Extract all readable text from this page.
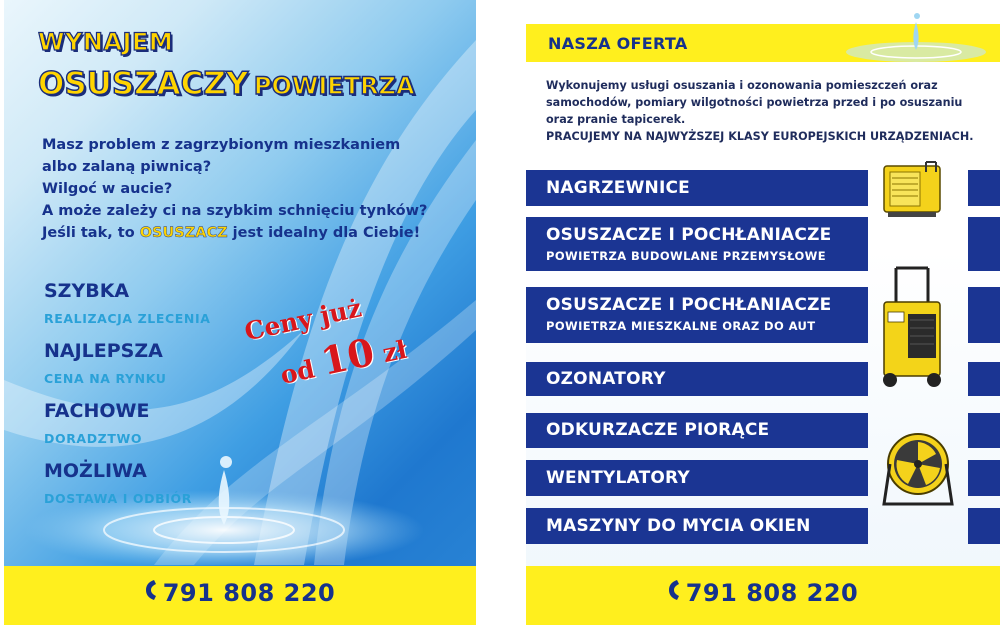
WYNAJEM
OSUSZACZY POWIETRZA
Masz problem z zagrzybionym mieszkaniem
albo zalaną piwnicą?
Wilgoć w aucie?
A może zależy ci na szybkim schnięciu tynków?
Jeśli tak, to OSUSZACZ jest idealny dla Ciebie!
SZYBKA
REALIZACJA ZLECENIA
NAJLEPSZA
CENA NA RYNKU
FACHOWE
DORADZTWO
MOŻLIWA
DOSTAWA I ODBIÓR
Ceny już
od 10 zł
791 808 220
NASZA OFERTA
Wykonujemy usługi osuszania i ozonowania pomieszczeń oraz
samochodów, pomiary wilgotności powietrza przed i po osuszaniu
oraz pranie tapicerek.
PRACUJEMY NA NAJWYŻSZEJ KLASY EUROPEJSKICH URZĄDZENIACH.
NAGRZEWNICE
OSUSZACZE I POCHŁANIACZE
POWIETRZA BUDOWLANE PRZEMYSŁOWE
OSUSZACZE I POCHŁANIACZE
POWIETRZA MIESZKALNE ORAZ DO AUT
OZONATORY
ODKURZACZE PIORĄCE
WENTYLATORY
MASZYNY DO MYCIA OKIEN
791 808 220
